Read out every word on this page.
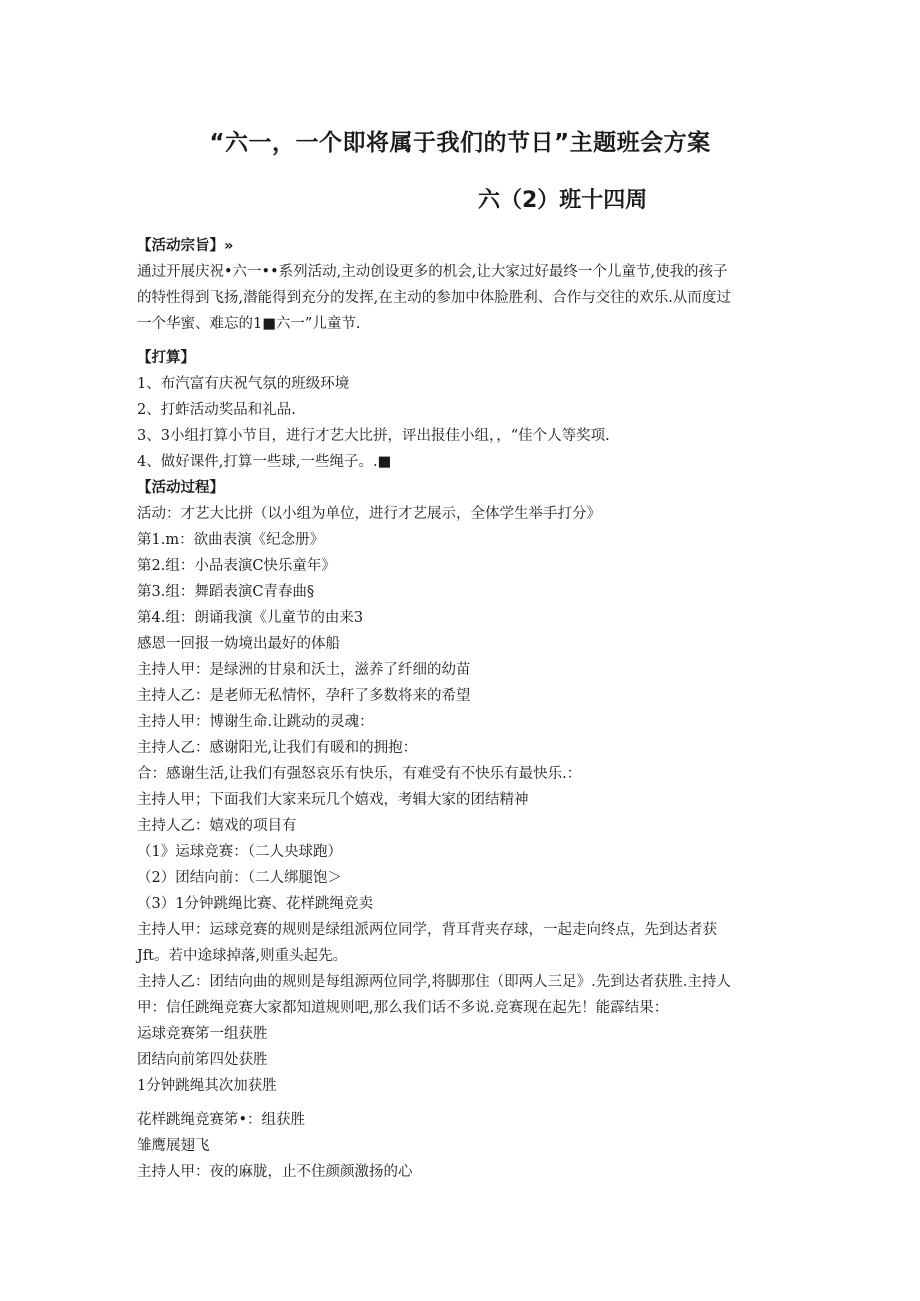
“六一，一个即将属于我们的节日”主题班会方案
六（2）班十四周
【活动宗旨】»
通过开展庆祝•六一••系列活动,主动创设更多的机会,让大家过好最终一个儿童节,使我的孩子
的特性得到飞扬,潜能得到充分的发挥,在主动的参加中体脸胜利、合作与交往的欢乐.从而度过
一个华蜜、难忘的1■六一”儿童节.
【打算】
1、布汽富有庆祝气氛的班级环境
2、打蚱活动奖品和礼品.
3、3小组打算小节目，进行才艺大比拼，评出报佳小组，，“佳个人等奖项.
4、做好课件,打算一些球,一些绳子。.■
【活动过程】
活动：才艺大比拼（以小组为单位，进行才艺展示，全体学生举手打分》
第1.m：欲曲表演《纪念册》
第2.组：小品表演C快乐童年》
第3.组：舞蹈表演C青春曲§
第4.组：朗诵我演《儿童节的由来3
感恩一回报一妫境出最好的体船
主持人甲：是绿洲的甘泉和沃土，滋养了纤细的幼苗
主持人乙：是老师无私情怀，孕秆了多数将来的希望
主持人甲：博谢生命.让跳动的灵魂：
主持人乙：感谢阳光,让我们有暖和的拥抱：
合：感谢生活,让我们有强怒哀乐有快乐，有难受有不快乐有最快乐.：
主持人甲；下面我们大家来玩几个嬉戏，考辑大家的团结精神
主持人乙：嬉戏的项目有
（1》运球竞赛：（二人央球跑）
（2）团结向前：（二人绑腿饱＞
（3）1分钟跳绳比赛、花样跳绳竞卖
主持人甲：运球竞赛的规则是绿组派两位同学，背耳背夹存球，一起走向终点，先到达者获
Jft。若中途球掉落,则重头起先。
主持人乙：团结向曲的规则是每组源两位同学,将脚那住（即两人三足》.先到达者获胜.主持人
甲：信任跳绳竞赛大家都知道规则吧,那么我们话不多说.竞赛现在起先！能霹结果：
运球竞赛笫一组获胜
团结向前笫四处获胜
1分钟跳绳其次加获胜
花样跳绳竞赛笫•：组获胜
雏鹰展翅飞
主持人甲：夜的麻胧，止不住颜颜激扬的心
